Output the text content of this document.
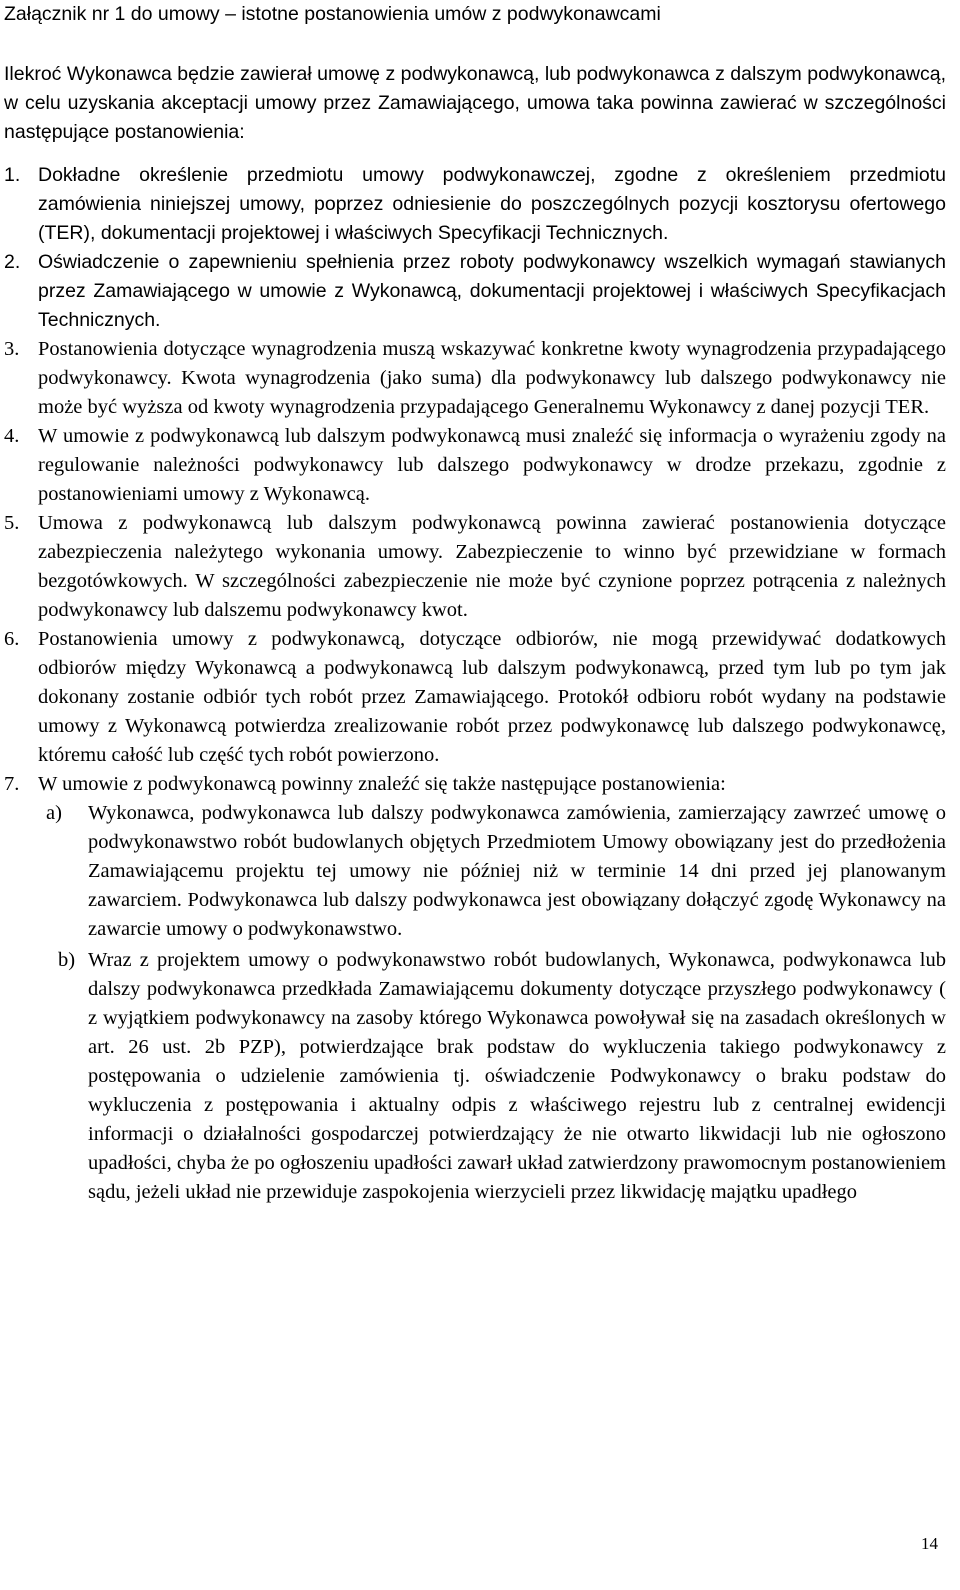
Załącznik nr 1 do umowy – istotne postanowienia umów z podwykonawcami

Ilekroć Wykonawca będzie zawierał umowę z podwykonawcą, lub podwykonawca z dalszym podwykonawcą, w celu uzyskania akceptacji umowy przez Zamawiającego, umowa taka powinna zawierać w szczególności następujące postanowienia:

1. Dokładne określenie przedmiotu umowy podwykonawczej, zgodne z określeniem przedmiotu zamówienia niniejszej umowy, poprzez odniesienie do poszczególnych pozycji kosztorysu ofertowego (TER), dokumentacji projektowej i właściwych Specyfikacji Technicznych.
2. Oświadczenie o zapewnieniu spełnienia przez roboty podwykonawcy wszelkich wymagań stawianych przez Zamawiającego w umowie z Wykonawcą, dokumentacji projektowej i właściwych Specyfikacjach Technicznych.
3. Postanowienia dotyczące wynagrodzenia muszą wskazywać konkretne kwoty wynagrodzenia przypadającego podwykonawcy. Kwota wynagrodzenia (jako suma) dla podwykonawcy lub dalszego podwykonawcy nie może być wyższa od kwoty wynagrodzenia przypadającego Generalnemu Wykonawcy z danej pozycji TER.
4. W umowie z podwykonawcą lub dalszym podwykonawcą musi znaleźć się informacja o wyrażeniu zgody na regulowanie należności podwykonawcy lub dalszego podwykonawcy w drodze przekazu, zgodnie z postanowieniami umowy z Wykonawcą.
5. Umowa z podwykonawcą lub dalszym podwykonawcą powinna zawierać postanowienia dotyczące zabezpieczenia należytego wykonania umowy. Zabezpieczenie to winno być przewidziane w formach bezgotówkowych. W szczególności zabezpieczenie nie może być czynione poprzez potrącenia z należnych podwykonawcy lub dalszemu podwykonawcy kwot.
6. Postanowienia umowy z podwykonawcą, dotyczące odbiorów, nie mogą przewidywać dodatkowych odbiorów między Wykonawcą a podwykonawcą lub dalszym podwykonawcą, przed tym lub po tym jak dokonany zostanie odbiór tych robót przez Zamawiającego. Protokół odbioru robót wydany na podstawie umowy z Wykonawcą potwierdza zrealizowanie robót przez podwykonawcę lub dalszego podwykonawcę, któremu całość lub część tych robót powierzono.
7. W umowie z podwykonawcą powinny znaleźć się także następujące postanowienia:
a)	Wykonawca, podwykonawca lub dalszy podwykonawca zamówienia, zamierzający zawrzeć umowę o podwykonawstwo robót budowlanych objętych Przedmiotem Umowy obowiązany jest do przedłożenia Zamawiającemu projektu tej umowy nie później niż w terminie 14 dni przed jej planowanym zawarciem. Podwykonawca lub dalszy podwykonawca jest obowiązany dołączyć zgodę Wykonawcy na zawarcie umowy o podwykonawstwo.
b) Wraz z projektem umowy o podwykonawstwo robót budowlanych, Wykonawca, podwykonawca lub dalszy podwykonawca przedkłada Zamawiającemu dokumenty dotyczące przyszłego podwykonawcy ( z wyjątkiem podwykonawcy na zasoby którego Wykonawca powoływał się na zasadach określonych w art. 26 ust. 2b PZP), potwierdzające brak podstaw do wykluczenia takiego podwykonawcy z postępowania o udzielenie zamówienia tj. oświadczenie Podwykonawcy o braku podstaw do wykluczenia z postępowania i aktualny odpis z właściwego rejestru lub z centralnej ewidencji informacji o działalności gospodarczej potwierdzający że nie otwarto likwidacji lub nie ogłoszono upadłości, chyba że po ogłoszeniu upadłości zawarł układ zatwierdzony prawomocnym postanowieniem sądu, jeżeli układ nie przewiduje zaspokojenia wierzycieli przez likwidację majątku upadłego
14
